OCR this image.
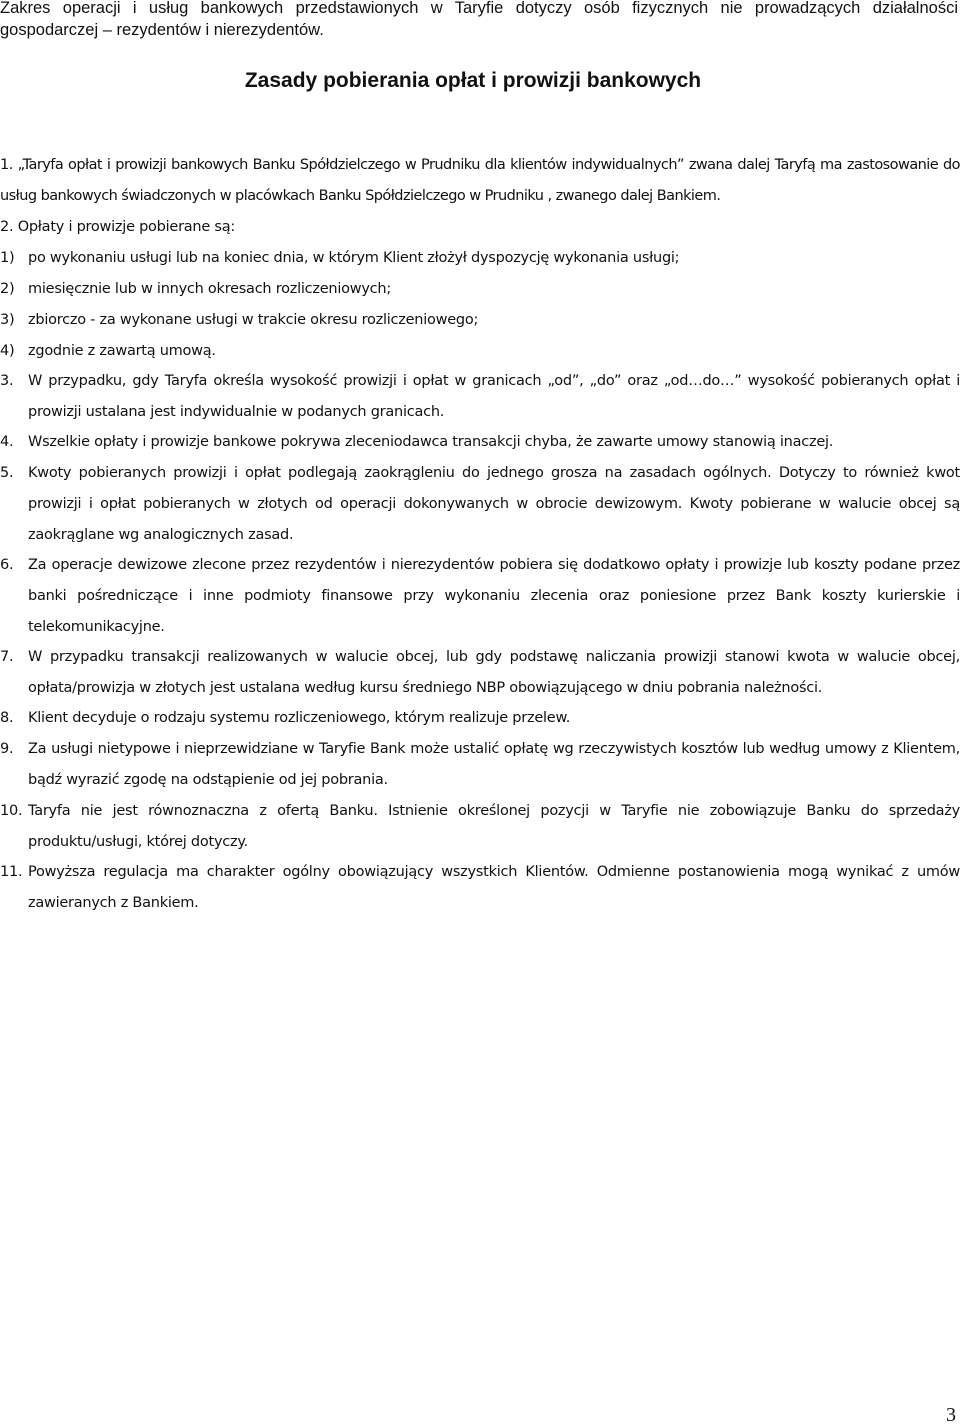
Zakres operacji i usług bankowych przedstawionych w Taryfie dotyczy osób fizycznych nie prowadzących działalności gospodarczej – rezydentów i nierezydentów.
Zasady pobierania opłat i prowizji bankowych
1. „Taryfa opłat i prowizji bankowych Banku Spółdzielczego w Prudniku dla klientów indywidualnych” zwana dalej Taryfą ma zastosowanie do usług bankowych świadczonych w placówkach Banku Spółdzielczego w Prudniku , zwanego dalej Bankiem.
2. Opłaty i prowizje pobierane są:
1) po wykonaniu usługi lub na koniec dnia, w którym Klient złożył dyspozycję wykonania usługi;
2) miesięcznie lub w innych okresach rozliczeniowych;
3) zbiorczo - za wykonane usługi w trakcie okresu rozliczeniowego;
4) zgodnie z zawartą umową.
3.	W przypadku, gdy Taryfa określa wysokość prowizji i opłat w granicach „od”, „do” oraz „od…do…” wysokość pobieranych opłat i prowizji ustalana jest indywidualnie w podanych granicach.
4.	Wszelkie opłaty i prowizje bankowe pokrywa zleceniodawca transakcji chyba, że zawarte umowy stanowią inaczej.
5.	Kwoty pobieranych prowizji i opłat podlegają zaokrągleniu do jednego grosza na zasadach ogólnych. Dotyczy to również kwot prowizji i opłat pobieranych w złotych od operacji dokonywanych w obrocie dewizowym. Kwoty pobierane w walucie obcej są zaokrąglane wg analogicznych zasad.
6.	Za operacje dewizowe zlecone przez rezydentów i nierezydentów pobiera się dodatkowo opłaty i prowizje lub koszty podane przez banki pośredniczące i inne podmioty finansowe przy wykonaniu zlecenia oraz poniesione przez Bank koszty kurierskie i telekomunikacyjne.
7.	W przypadku transakcji realizowanych w walucie obcej, lub gdy podstawę naliczania prowizji stanowi kwota w walucie obcej, opłata/prowizja w złotych jest ustalana według kursu średniego NBP obowiązującego w dniu pobrania należności.
8.	Klient decyduje o rodzaju systemu rozliczeniowego, którym realizuje przelew.
9.	Za usługi nietypowe i nieprzewidziane w Taryfie Bank może ustalić opłatę wg rzeczywistych kosztów lub według umowy z Klientem, bądź wyrazić zgodę na odstąpienie od jej pobrania.
10. Taryfa nie jest równoznaczna z ofertą Banku. Istnienie określonej pozycji w Taryfie nie zobowiązuje Banku do sprzedaży produktu/usługi, której dotyczy.
11. Powyższa regulacja ma charakter ogólny obowiązujący wszystkich Klientów. Odmienne postanowienia mogą wynikać z umów zawieranych z Bankiem.
3
